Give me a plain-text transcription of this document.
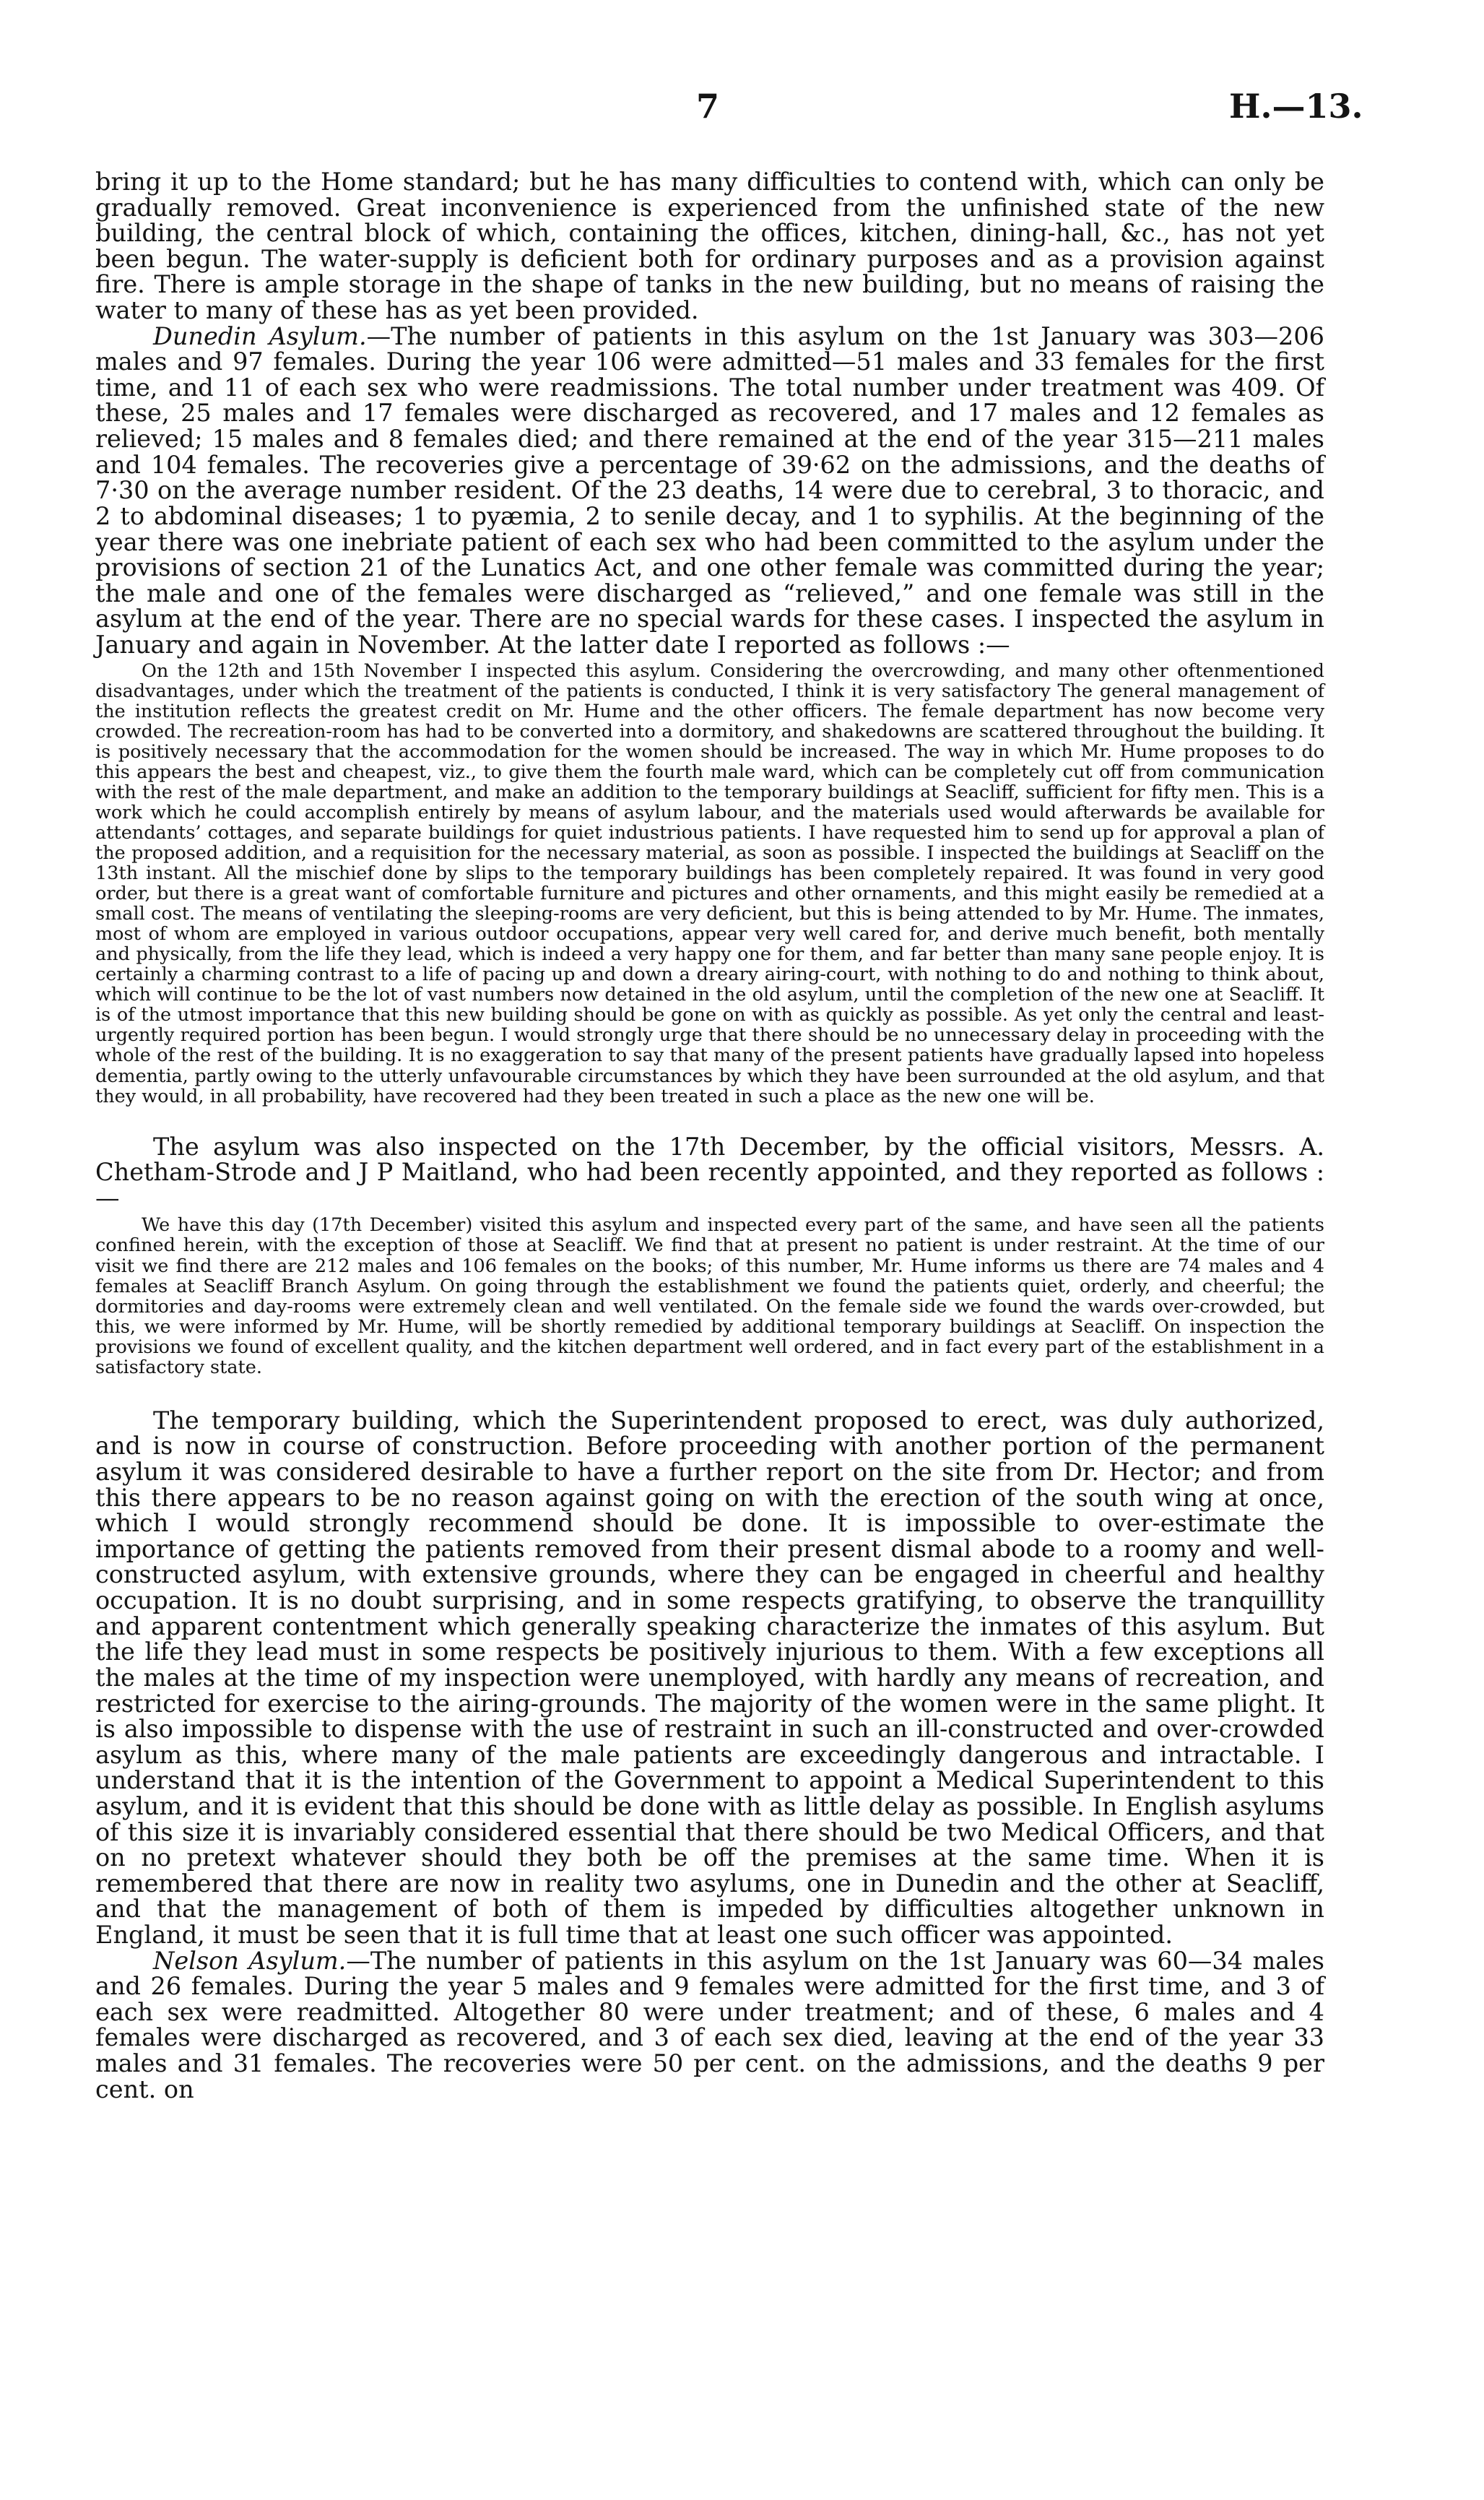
7	H.—13.

bring it up to the Home standard; but he has many difficulties to contend with, which can only be gradually removed. Great inconvenience is experienced from the unfinished state of the new building, the central block of which, containing the offices, kitchen, dining-hall, &c., has not yet been begun. The water-supply is deficient both for ordinary purposes and as a provision against fire. There is ample storage in the shape of tanks in the new building, but no means of raising the water to many of these has as yet been provided.

Dunedin Asylum.—The number of patients in this asylum on the 1st January was 303—206 males and 97 females. During the year 106 were admitted—51 males and 33 females for the first time, and 11 of each sex who were readmissions. The total number under treatment was 409. Of these, 25 males and 17 females were discharged as recovered, and 17 males and 12 females as relieved; 15 males and 8 females died; and there remained at the end of the year 315—211 males and 104 females. The recoveries give a percentage of 39·62 on the admissions, and the deaths of 7·30 on the average number resident. Of the 23 deaths, 14 were due to cerebral, 3 to thoracic, and 2 to abdominal diseases; 1 to pyæmia, 2 to senile decay, and 1 to syphilis. At the beginning of the year there was one inebriate patient of each sex who had been committed to the asylum under the provisions of section 21 of the Lunatics Act, and one other female was committed during the year; the male and one of the females were discharged as “relieved,” and one female was still in the asylum at the end of the year. There are no special wards for these cases. I inspected the asylum in January and again in November. At the latter date I reported as follows :—

On the 12th and 15th November I inspected this asylum. Considering the overcrowding, and many other oftenmentioned disadvantages, under which the treatment of the patients is conducted, I think it is very satisfactory The general management of the institution reflects the greatest credit on Mr. Hume and the other officers. The female department has now become very crowded. The recreation-room has had to be converted into a dormitory, and shakedowns are scattered throughout the building. It is positively necessary that the accommodation for the women should be increased. The way in which Mr. Hume proposes to do this appears the best and cheapest, viz., to give them the fourth male ward, which can be completely cut off from communication with the rest of the male department, and make an addition to the temporary buildings at Seacliff, sufficient for fifty men. This is a work which he could accomplish entirely by means of asylum labour, and the materials used would afterwards be available for attendants’ cottages, and separate buildings for quiet industrious patients. I have requested him to send up for approval a plan of the proposed addition, and a requisition for the necessary material, as soon as possible. I inspected the buildings at Seacliff on the 13th instant. All the mischief done by slips to the temporary buildings has been completely repaired. It was found in very good order, but there is a great want of comfortable furniture and pictures and other ornaments, and this might easily be remedied at a small cost. The means of ventilating the sleeping-rooms are very deficient, but this is being attended to by Mr. Hume. The inmates, most of whom are employed in various outdoor occupations, appear very well cared for, and derive much benefit, both mentally and physically, from the life they lead, which is indeed a very happy one for them, and far better than many sane people enjoy. It is certainly a charming contrast to a life of pacing up and down a dreary airing-court, with nothing to do and nothing to think about, which will continue to be the lot of vast numbers now detained in the old asylum, until the completion of the new one at Seacliff. It is of the utmost importance that this new building should be gone on with as quickly as possible. As yet only the central and least-urgently required portion has been begun. I would strongly urge that there should be no unnecessary delay in proceeding with the whole of the rest of the building. It is no exaggeration to say that many of the present patients have gradually lapsed into hopeless dementia, partly owing to the utterly unfavourable circumstances by which they have been surrounded at the old asylum, and that they would, in all probability, have recovered had they been treated in such a place as the new one will be.

The asylum was also inspected on the 17th December, by the official visitors, Messrs. A. Chetham-Strode and J P Maitland, who had been recently appointed, and they reported as follows :—

We have this day (17th December) visited this asylum and inspected every part of the same, and have seen all the patients confined herein, with the exception of those at Seacliff. We find that at present no patient is under restraint. At the time of our visit we find there are 212 males and 106 females on the books; of this number, Mr. Hume informs us there are 74 males and 4 females at Seacliff Branch Asylum. On going through the establishment we found the patients quiet, orderly, and cheerful; the dormitories and day-rooms were extremely clean and well ventilated. On the female side we found the wards over-crowded, but this, we were informed by Mr. Hume, will be shortly remedied by additional temporary buildings at Seacliff. On inspection the provisions we found of excellent quality, and the kitchen department well ordered, and in fact every part of the establishment in a satisfactory state.

The temporary building, which the Superintendent proposed to erect, was duly authorized, and is now in course of construction. Before proceeding with another portion of the permanent asylum it was considered desirable to have a further report on the site from Dr. Hector; and from this there appears to be no reason against going on with the erection of the south wing at once, which I would strongly recommend should be done. It is impossible to over-estimate the importance of getting the patients removed from their present dismal abode to a roomy and well-constructed asylum, with extensive grounds, where they can be engaged in cheerful and healthy occupation. It is no doubt surprising, and in some respects gratifying, to observe the tranquillity and apparent contentment which generally speaking characterize the inmates of this asylum. But the life they lead must in some respects be positively injurious to them. With a few exceptions all the males at the time of my inspection were unemployed, with hardly any means of recreation, and restricted for exercise to the airing-grounds. The majority of the women were in the same plight. It is also impossible to dispense with the use of restraint in such an ill-constructed and over-crowded asylum as this, where many of the male patients are exceedingly dangerous and intractable. I understand that it is the intention of the Government to appoint a Medical Superintendent to this asylum, and it is evident that this should be done with as little delay as possible. In English asylums of this size it is invariably considered essential that there should be two Medical Officers, and that on no pretext whatever should they both be off the premises at the same time. When it is remembered that there are now in reality two asylums, one in Dunedin and the other at Seacliff, and that the management of both of them is impeded by difficulties altogether unknown in England, it must be seen that it is full time that at least one such officer was appointed.

Nelson Asylum.—The number of patients in this asylum on the 1st January was 60—34 males and 26 females. During the year 5 males and 9 females were admitted for the first time, and 3 of each sex were readmitted. Altogether 80 were under treatment; and of these, 6 males and 4 females were discharged as recovered, and 3 of each sex died, leaving at the end of the year 33 males and 31 females. The recoveries were 50 per cent. on the admissions, and the deaths 9 per cent. on
